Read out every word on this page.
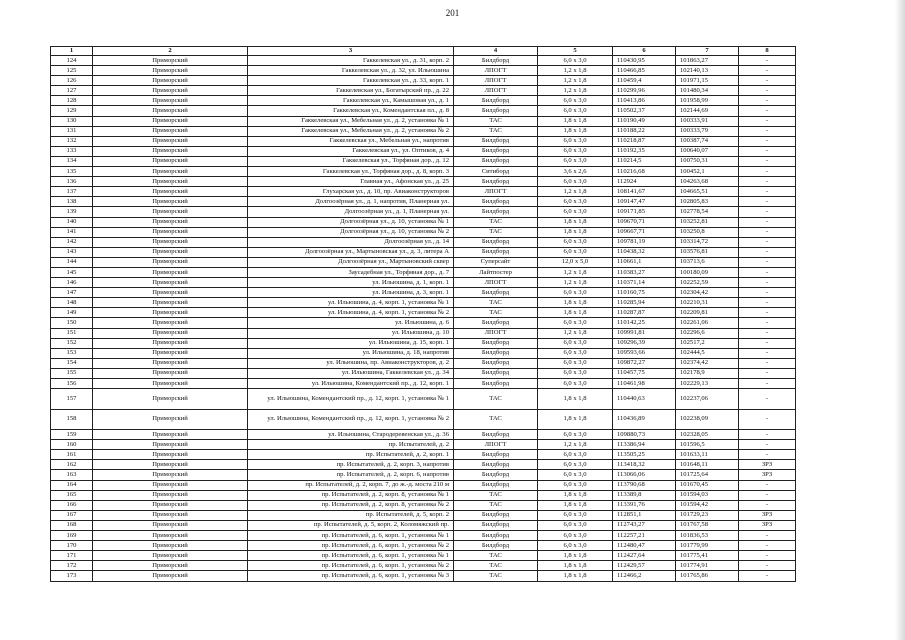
201
1	2	3	4	5	6	7	8
124	Приморский	Гаккелевская ул., д. 31, корп. 2	Билдборд	6,0 х 3,0	110430,95	101863,27	-
125	Приморский	Гаккелевская ул., д. 32, ул. Ильюшина	ЛПОГТ	1,2 х 1,8	110466,85	102140,13	-
126	Приморский	Гаккелевская ул., д. 33, корп. 1	ЛПОГТ	1,2 х 1,8	110459,4	101971,15	-
127	Приморский	Гаккелевская ул., Богатырский пр., д. 22	ЛПОГТ	1,2 х 1,8	110299,96	101480,34	-
128	Приморский	Гаккелевская ул., Камышовая ул., д. 1	Билдборд	6,0 х 3,0	110413,86	101958,99	-
129	Приморский	Гаккелевская ул., Комендантская пл., д. 8	Билдборд	6,0 х 3,0	110502,37	102144,69	-
130	Приморский	Гаккелевская ул., Мебельная ул., д. 2, установка № 1	ТАС	1,8 х 1,8	110190,49	100333,91	-
131	Приморский	Гаккелевская ул., Мебельная ул., д. 2, установка № 2	ТАС	1,8 х 1,8	110188,22	100333,79	-
132	Приморский	Гаккелевская ул., Мебельная ул., напротив	Билдборд	6,0 х 3,0	110218,87	100387,74	-
133	Приморский	Гаккелевская ул., ул. Оптиков, д. 4	Билдборд	6,0 х 3,0	110192,35	100640,07	-
134	Приморский	Гаккелевская ул., Торфяная дор., д. 12	Билдборд	6,0 х 3,0	110214,5	100750,31	-
135	Приморский	Гаккелевская ул., Торфяная дор., д. 8, корп. 3	Ситиборд	3,6 х 2,6	110216,68	100452,1	-
136	Приморский	Главная ул., Афонская ул., д. 25	Билдборд	6,0 х 3,0	112924	104263,68	-
137	Приморский	Глухарская ул., д. 10, пр. Авиаконструкторов	ЛПОГТ	1,2 х 1,8	108141,67	104665,51	-
138	Приморский	Долгоозёрная ул., д. 1, напротив, Планерная ул.	Билдборд	6,0 х 3,0	109147,47	102805,83	-
139	Приморский	Долгоозёрная ул., д. 1, Планерная ул.	Билдборд	6,0 х 3,0	109171,85	102778,54	-
140	Приморский	Долгоозёрная ул., д. 10, установка № 1	ТАС	1,8 х 1,8	109670,71	103252,81	-
141	Приморский	Долгоозёрная ул., д. 10, установка № 2	ТАС	1,8 х 1,8	109667,71	103250,8	-
142	Приморский	Долгоозёрная ул., д. 14	Билдборд	6,0 х 3,0	109781,19	103314,72	-
143	Приморский	Долгоозёрная ул., Мартыновская ул., д. 3, литера А	Билдборд	6,0 х 3,0	110438,32	103576,81	-
144	Приморский	Долгоозёрная ул., Мартыновский сквер	Суперсайт	12,0 х 5,0	110661,1	103713,6	-
145	Приморский	Заусадебная ул., Торфяная дор., д. 7	Лайтпостер	1,2 х 1,8	110383,27	100180,09	-
146	Приморский	ул. Ильюшина, д. 1, корп. 1	ЛПОГТ	1,2 х 1,8	110371,14	102252,59	-
147	Приморский	ул. Ильюшина, д. 3, корп. 1	Билдборд	6,0 х 3,0	110160,75	102304,42	-
148	Приморский	ул. Ильюшина, д. 4, корп. 1, установка № 1	ТАС	1,8 х 1,8	110285,94	102210,31	-
149	Приморский	ул. Ильюшина, д. 4, корп. 1, установка № 2	ТАС	1,8 х 1,8	110287,87	102209,81	-
150	Приморский	ул. Ильюшина, д. 6	Билдборд	6,0 х 3,0	110142,25	102261,06	-
151	Приморский	ул. Ильюшина, д. 10	ЛПОГТ	1,2 х 1,8	109991,81	102296,6	-
152	Приморский	ул. Ильюшина, д. 15, корп. 1	Билдборд	6,0 х 3,0	109296,39	102517,2	-
153	Приморский	ул. Ильюшина, д. 18, напротив	Билдборд	6,0 х 3,0	109593,66	102444,5	-
154	Приморский	ул. Ильюшина, пр. Авиаконструкторов, д. 2	Билдборд	6,0 х 3,0	109872,27	102374,42	-
155	Приморский	ул. Ильюшина, Гаккелевская ул., д. 34	Билдборд	6,0 х 3,0	110457,75	102178,9	-
156	Приморский	ул. Ильюшина, Комендантский пр., д. 12, корп. 1	Билдборд	6,0 х 3,0	110461,98	102229,13	-
157	Приморский	ул. Ильюшина, Комендантский пр., д. 12, корп. 1, установка № 1	ТАС	1,8 х 1,8	110440,63	102237,06	-
158	Приморский	ул. Ильюшина, Комендантский пр., д. 12, корп. 1, установка № 2	ТАС	1,8 х 1,8	110436,89	102238,09	-
159	Приморский	ул. Ильюшина, Стародеревенская ул., д. 36	Билдборд	6,0 х 3,0	109880,73	102328,05	-
160	Приморский	пр. Испытателей, д. 2	ЛПОГТ	1,2 х 1,8	113386,94	101596,5	-
161	Приморский	пр. Испытателей, д. 2, корп. 1	Билдборд	6,0 х 3,0	113505,25	101633,11	-
162	Приморский	пр. Испытателей, д. 2, корп. 3, напротив	Билдборд	6,0 х 3,0	113418,32	101648,11	ЗРЗ
163	Приморский	пр. Испытателей, д. 2, корп. 6, напротив	Билдборд	6,0 х 3,0	113066,06	101725,64	ЗРЗ
164	Приморский	пр. Испытателей, д. 2, корп. 7, до ж.-д. моста 210 м	Билдборд	6,0 х 3,0	113790,68	101670,45	-
165	Приморский	пр. Испытателей, д. 2, корп. 8, установка № 1	ТАС	1,8 х 1,8	113389,8	101594,03	-
166	Приморский	пр. Испытателей, д. 2, корп. 8, установка № 2	ТАС	1,8 х 1,8	113391,76	101594,42	-
167	Приморский	пр. Испытателей, д. 5, корп. 2	Билдборд	6,0 х 3,0	112851,1	101729,23	ЗРЗ
168	Приморский	пр. Испытателей, д. 5, корп. 2, Коломяжский пр.	Билдборд	6,0 х 3,0	112743,27	101767,58	ЗРЗ
169	Приморский	пр. Испытателей, д. 6, корп. 1, установка № 1	Билдборд	6,0 х 3,0	112257,21	101836,53	-
170	Приморский	пр. Испытателей, д. 6, корп. 1, установка № 2	Билдборд	6,0 х 3,0	112480,47	101779,99	-
171	Приморский	пр. Испытателей, д. 6, корп. 1, установка № 1	ТАС	1,8 х 1,8	112427,64	101775,41	-
172	Приморский	пр. Испытателей, д. 6, корп. 1, установка № 2	ТАС	1,8 х 1,8	112429,57	101774,91	-
173	Приморский	пр. Испытателей, д. 6, корп. 1, установка № 3	ТАС	1,8 х 1,8	112466,2	101765,86	-
